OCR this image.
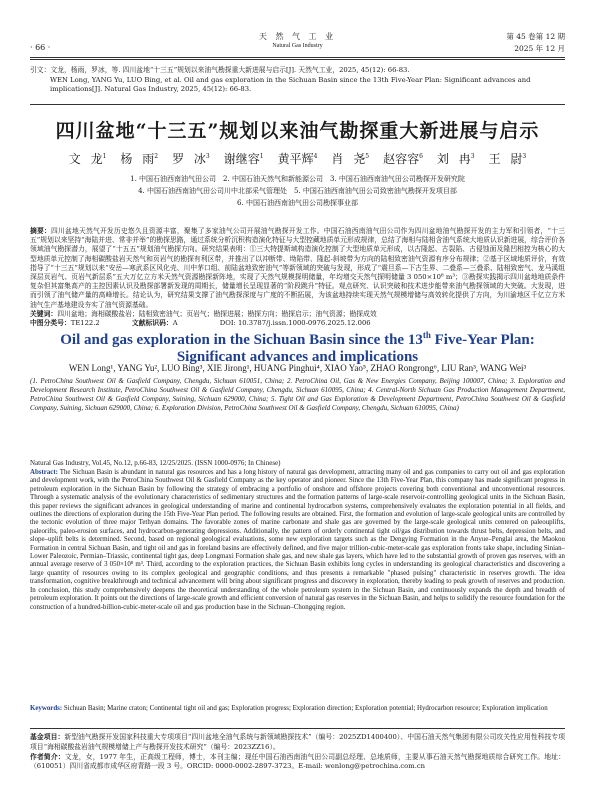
· 66 ·
天 然 气 工 业
Natural Gas Industry
第 45 卷第 12 期
2025 年 12 月
引文：文龙，杨雨，罗冰，等. 四川盆地“十三五”规划以来油气勘探重大新进展与启示[J]. 天然气工业，2025, 45(12): 66-83.
WEN Long, YANG Yu, LUO Bing, et al. Oil and gas exploration in the Sichuan Basin since the 13th Five-Year Plan: Significant advances and implications[J]. Natural Gas Industry, 2025, 45(12): 66-83.
四川盆地“十三五”规划以来油气勘探重大新进展与启示
文 龙$^1$ 杨 雨$^2$ 罗 冰$^3$ 谢继容$^1$ 黄平辉$^4$ 肖 尧$^5$ 赵容容$^6$ 刘 冉$^3$ 王 尉$^3$
1. 中国石油西南油气田公司　2. 中国石油天然气和新能源公司　3. 中国石油西南油气田公司勘探开发研究院
4. 中国石油西南油气田公司川中北部采气管理处　5. 中国石油西南油气田公司致密油气勘探开发项目部
6. 中国石油西南油气田公司勘探事业部
摘要：四川盆地天然气开发历史悠久且资源丰富，聚集了多家油气公司开展油气勘探开发工作。中国石油西南油气田公司作为四川盆地油气勘探开发的主力军和引领者，“十三五”规划以来坚持“海陆并进、常非并举”的勘探思路，通过系统分析沉积构造演化特征与大型控藏地质单元形成规律，总结了海相与陆相含油气系统大地质认识新进展，综合评价各领域油气勘探潜力，展望了“十五五”规划油气勘探方向。研究结果表明：①三大特提斯域构造演化控制了大型地质单元形成，以古隆起、古裂陷、古侵蚀面及隆凹相控为核心的大型地质单元控制了海相碳酸盐岩天然气和页岩气的勘探有利区带，并推出了以冲断带、坳陷带、隆起-斜坡带为方向的陆相致密油气资源有序分布规律；②基于区域地质评价，有效指导了“十三五”规划以来“安岳—寒武系区风化壳、川中茅口组、前陆盆地致密油气”等新领域的突破与发现，形成了“震旦系—下古生界、二叠系—三叠系、陆相致密气、龙马溪组深层页岩气、页岩气新层系”五大万亿立方米天然气资源勘探新阵地，实现了天然气规模探明储量，年均增交天然气探明储量 3 050×10⁸ m³；③勘探实践揭示四川盆地地质条件复杂但其富集高产的主控因素认识及勘探部署新发现的周期长，储量增长呈现显著的“阶段跳升”特征。观点研究、认识突破和技术进步能带来油气勘探领域的大突破。大发现，进而引领了油气储产量的高峰增长。结论认为，研究结果支撑了油气勘探深度与广度的不断拓展，为该盆地持续实现天然气规模增储与高效转化提供了方向，为川渝地区千亿立方米油气生产基地建设夯实了油气资源基础。
关键词：四川盆地；海相碳酸盐岩；陆相致密油气；页岩气；勘探进展；勘探方向；勘探启示；油气资源；勘探成效
中图分类号：TE122.2	文献标识码：A	DOI: 10.3787/j.issn.1000-0976.2025.12.006
Oil and gas exploration in the Sichuan Basin since the 13th Five-Year Plan:
Significant advances and implications
WEN Long¹, YANG Yu², LUO Bing³, XIE Jirong¹, HUANG Pinghui⁴, XIAO Yao⁵, ZHAO Rongrong⁶, LIU Ran³, WANG Wei³
(1. PetroChina Southwest Oil & Gasfield Company, Chengdu, Sichuan 610051, China; 2. PetroChina Oil, Gas & New Energies Company, Beijing 100007, China; 3. Exploration and Development Research Institute, PetroChina Southwest Oil & Gasfield Company, Chengdu, Sichuan 610095, China; 4. Central-North Sichuan Gas Production Management Department, PetroChina Southwest Oil & Gasfield Company, Suining, Sichuan 629000, China; 5. Tight Oil and Gas Exploration & Development Department, PetroChina Southwest Oil & Gasfield Company, Suining, Sichuan 629000, China; 6. Exploration Division, PetroChina Southwest Oil & Gasfield Company, Chengdu, Sichuan 610095, China)
Natural Gas Industry, Vol.45, No.12, p.66-83, 12/25/2025. (ISSN 1000-0976; In Chinese)
Abstract: The Sichuan Basin is abundant in natural gas resources and has a long history of natural gas development, attracting many oil and gas companies to carry out oil and gas exploration and development work, with the PetroChina Southwest Oil & Gasfield Company as the key operator and pioneer. Since the 13th Five-Year Plan, this company has made significant progress in petroleum exploration in the Sichuan Basin by following the strategy of embracing a portfolio of onshore and offshore projects covering both conventional and unconventional resources. Through a systematic analysis of the evolutionary characteristics of sedimentary structures and the formation patterns of large-scale reservoir-controlling geological units in the Sichuan Basin, this paper reviews the significant advances in geological understanding of marine and continental hydrocarbon systems, comprehensively evaluates the exploration potential in all fields, and outlines the directions of exploration during the 15th Five-Year Plan period. The following results are obtained. First, the formation and evolution of large-scale geological units are controlled by the tectonic evolution of three major Tethyan domains. The favorable zones of marine carbonate and shale gas are governed by the large-scale geological units centered on paleouplifts, paleorifts, paleo-erosion surfaces, and hydrocarbon-generating depressions. Additionally, the pattern of orderly continental tight oil/gas distribution towards thrust belts, depression belts, and slope–uplift belts is determined. Second, based on regional geological evaluations, some new exploration targets such as the Dengying Formation in the Anyue–Penglai area, the Maokou Formation in central Sichuan Basin, and tight oil and gas in foreland basins are effectively defined, and five major trillion-cubic-meter-scale gas exploration fronts take shape, including Sinian–Lower Paleozoic, Permian–Triassic, continental tight gas, deep Longmaxi Formation shale gas, and new shale gas layers, which have led to the substantial growth of proven gas reserves, with an annual average reserve of 3 050×10⁸ m³. Third, according to the exploration practices, the Sichuan Basin exhibits long cycles in understanding its geological characteristics and discovering a large quantity of resources owing to its complex geological and geographic conditions, and thus presents a remarkable "phased pulsing" characteristic in reserves growth. The idea transformation, cognitive breakthrough and technical advancement will bring about significant progress and discovery in exploration, thereby leading to peak growth of reserves and production. In conclusion, this study comprehensively deepens the theoretical understanding of the whole petroleum system in the Sichuan Basin, and continuously expands the depth and breadth of petroleum exploration. It points out the directions of large-scale growth and efficient conversion of natural gas reserves in the Sichuan Basin, and helps to solidify the resource foundation for the construction of a hundred-billion-cubic-meter-scale oil and gas production base in the Sichuan–Chongqing region.
Keywords: Sichuan Basin; Marine craton; Continental tight oil and gas; Exploration progress; Exploration direction; Exploration potential; Hydrocarbon resource; Exploration implication
基金项目：新型油气勘探开发国家科技重大专项项目“四川盆地全油气系统与新领域勘探技术”（编号：2025ZD1400400）、中国石油天然气集团有限公司攻关性应用性科技专项项目“海相碳酸盐岩油气规模增储上产与勘探开发技术研究”（编号：2023ZZ16）。
作者简介：文龙，女，1977 年生，正高级工程师，博士，本刊主编；现任中国石油西南油气田公司副总经理、总地质师，主要从事石油天然气勘探地质综合研究工作。地址：（610051）四川省成都市成华区府青路一段 3 号。ORCID: 0000-0002-2897-3723。E-mail: wenlong@petrochina.com.cn
